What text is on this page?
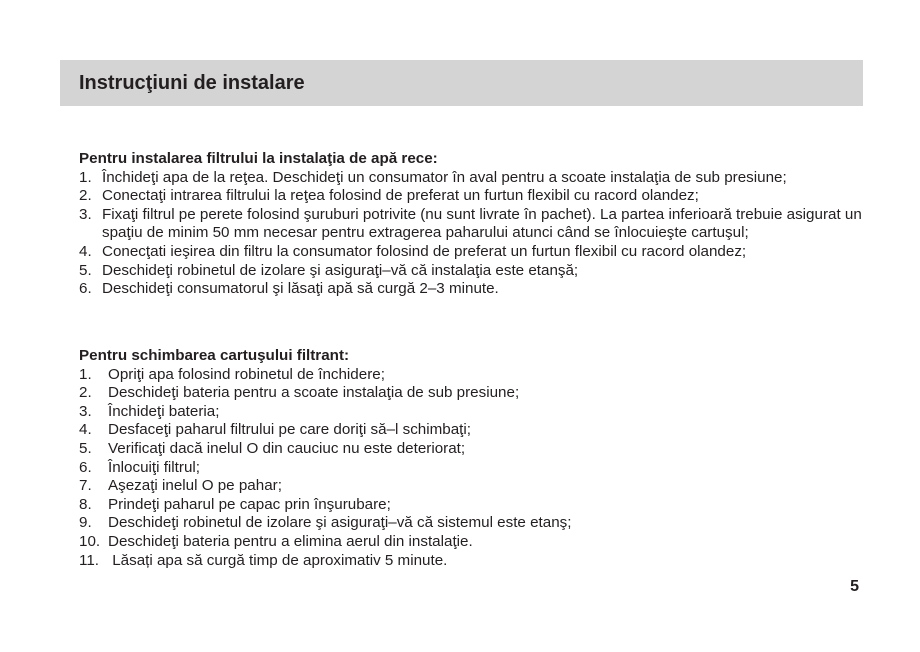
Instrucţiuni de instalare
Pentru instalarea filtrului la instalaţia de apă rece:
1. Închideţi apa de la reţea. Deschideţi un consumator în aval pentru a scoate instalaţia de sub presiune;
2. Conectaţi intrarea filtrului la reţea folosind de preferat un furtun flexibil cu racord olandez;
3. Fixaţi filtrul pe perete folosind şuruburi potrivite (nu sunt livrate în pachet). La partea inferioară trebuie asigurat un spaţiu de minim 50 mm necesar pentru extragerea paharului atunci când se înlocuieşte cartuşul;
4. Conecţati ieşirea din filtru la consumator folosind de preferat un furtun flexibil cu racord olandez;
5. Deschideţi robinetul de izolare şi asiguraţi–vă că instalaţia este etanşă;
6. Deschideţi consumatorul şi lăsaţi apă să curgă 2–3 minute.
Pentru schimbarea cartuşului filtrant:
1.	Opriţi apa folosind robinetul de închidere;
2.	Deschideţi bateria pentru a scoate instalaţia de sub presiune;
3.	Închideţi bateria;
4.	Desfaceţi paharul filtrului pe care doriţi să–l schimbaţi;
5.	Verificaţi dacă inelul O din cauciuc nu este deteriorat;
6.	Înlocuiţi filtrul;
7.	Aşezaţi inelul O pe pahar;
8.	Prindeţi paharul pe capac prin înşurubare;
9.	Deschideţi robinetul de izolare şi asiguraţi–vă că sistemul este etanş;
10. Deschideţi bateria pentru a elimina aerul din instalaţie.
11. Lăsați apa să curgă timp de aproximativ 5 minute.
5
